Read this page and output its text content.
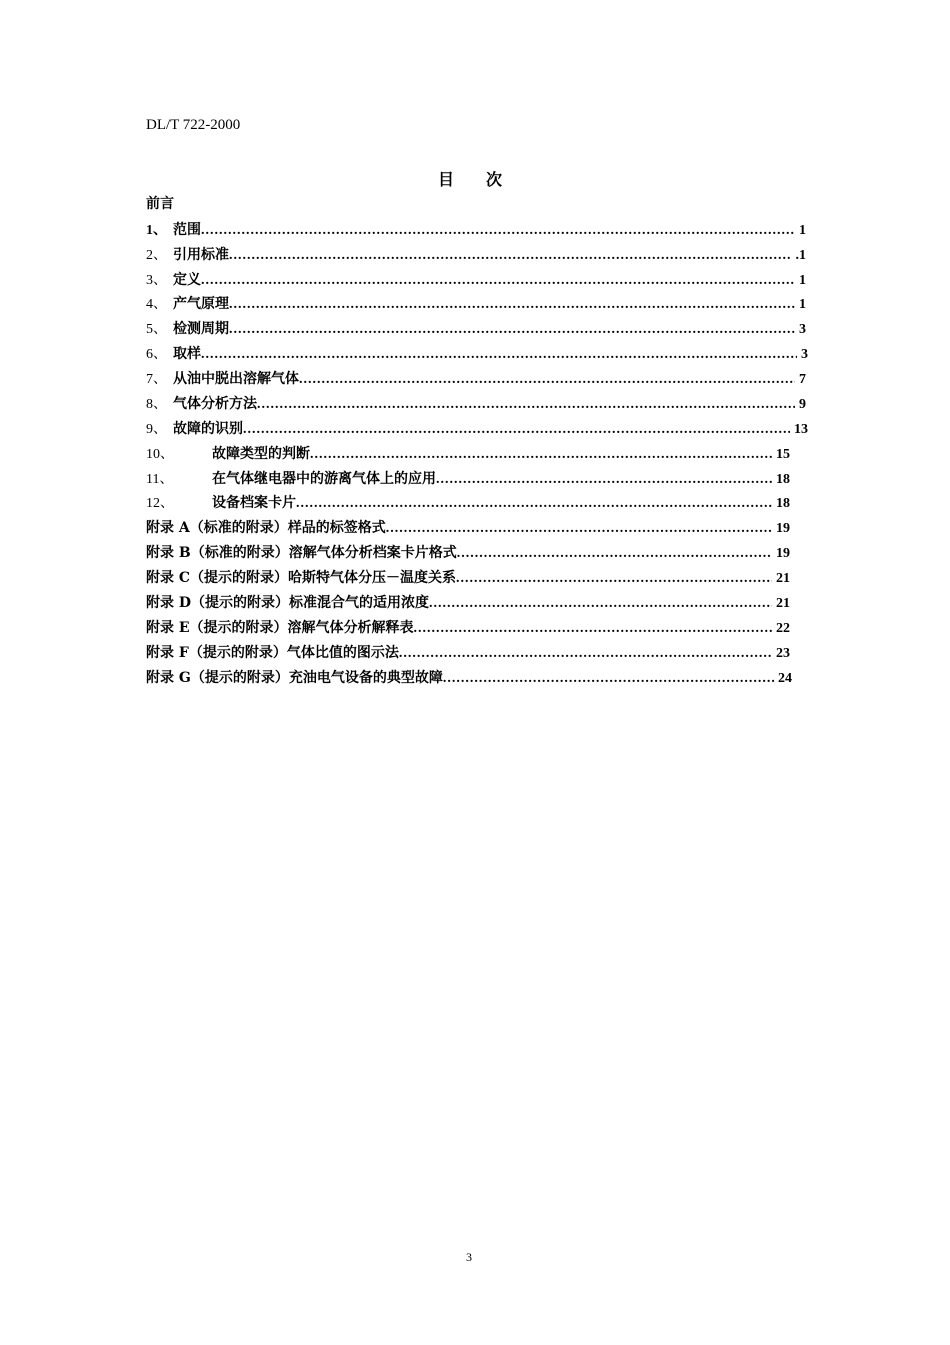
DL/T 722-2000
目　　次
前言
1、 范围 .....	1
2、 引用标准 .....	.1
3、 定义 .....	1
4、 产气原理 .....	1
5、 检测周期 .....	3
6、 取样 .....	3
7、 从油中脱出溶解气体 .....	7
8、 气体分析方法 .....	9
9、 故障的识别 .....	13
10、	故障类型的判断 .....	15
11、	在气体继电器中的游离气体上的应用 .....	18
12、	设备档案卡片 .....	18
附录 A（标准的附录）样品的标签格式 .....	19
附录 B（标准的附录）溶解气体分析档案卡片格式 .....	19
附录 C（提示的附录）哈斯特气体分压－温度关系 .....	21
附录 D（提示的附录）标准混合气的适用浓度 .....	21
附录 E（提示的附录）溶解气体分析解释表 .....	22
附录 F（提示的附录）气体比值的图示法 .....	23
附录 G（提示的附录）充油电气设备的典型故障 .....	24
3
